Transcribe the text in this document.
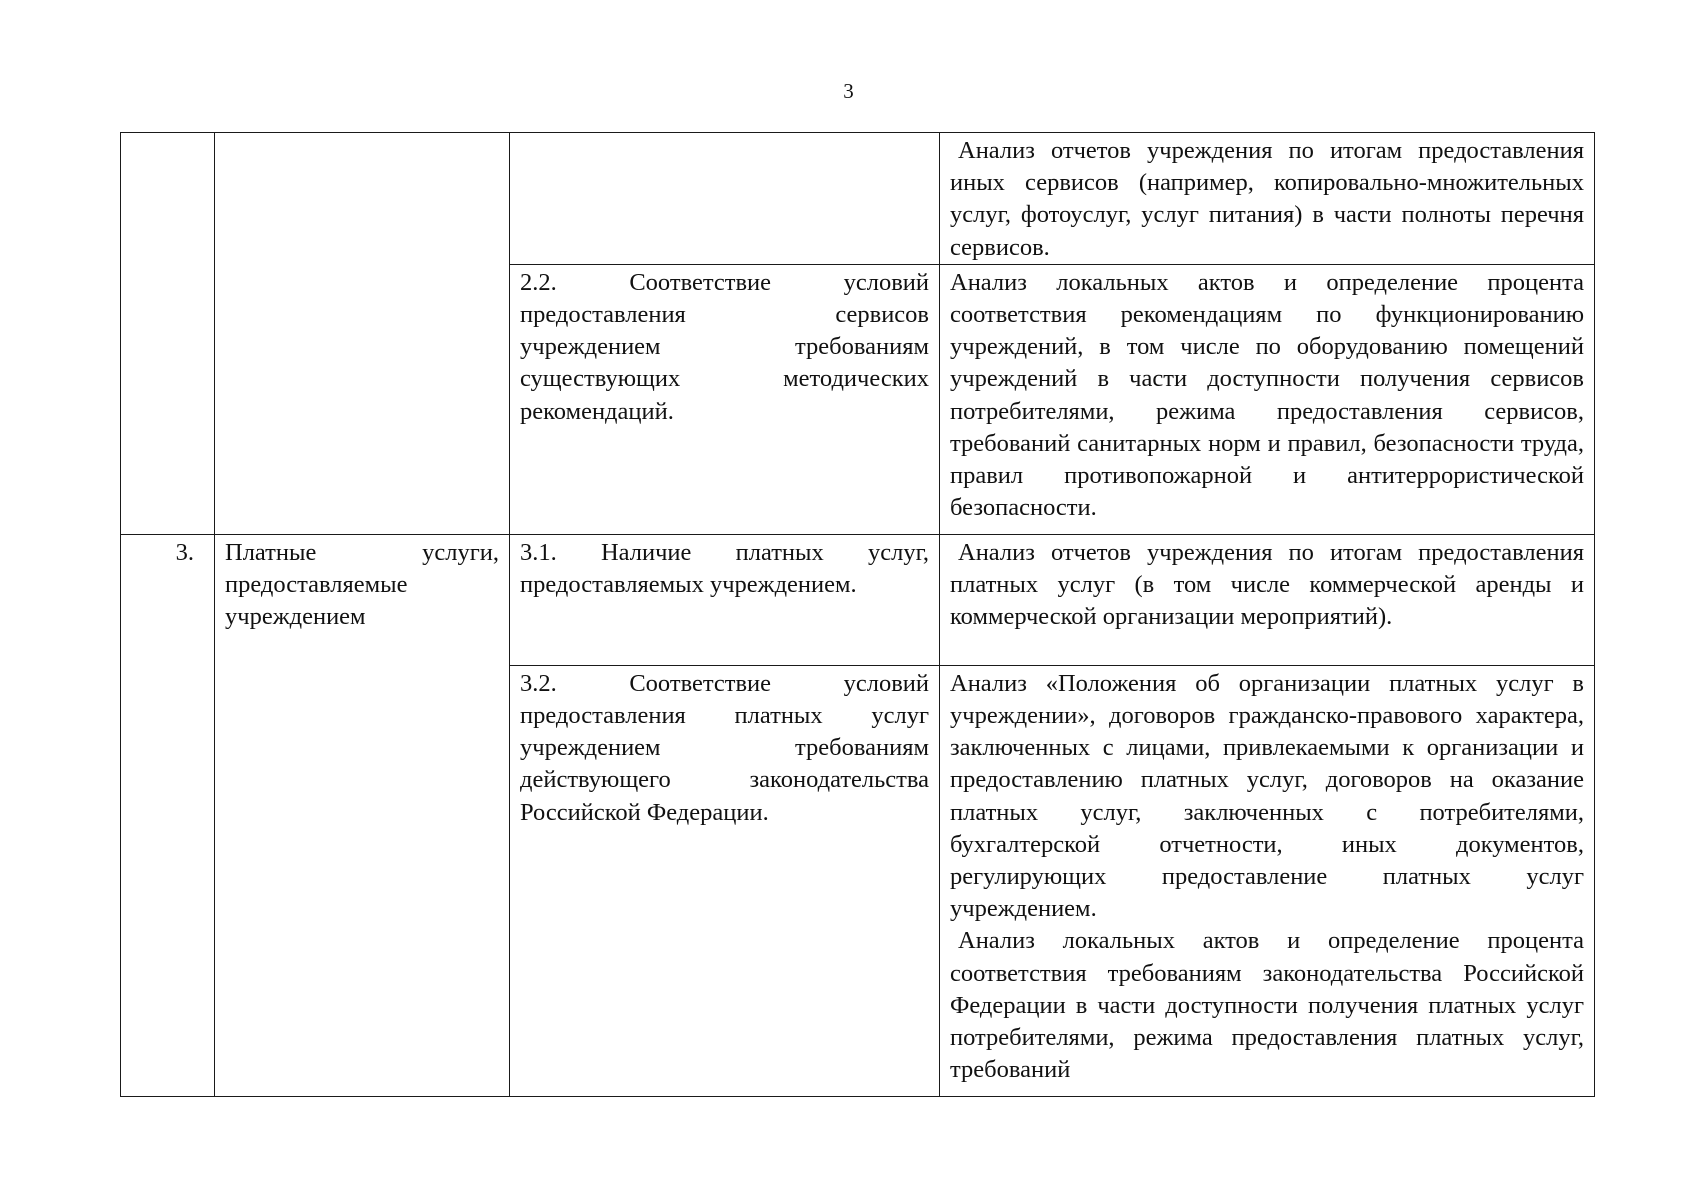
3

			Анализ отчетов учреждения по итогам предоставления иных сервисов (например, копировально-множительных услуг, фотоуслуг, услуг питания) в части полноты перечня сервисов.

		2.2. Соответствие условий предоставления сервисов учреждением требованиям существующих методических рекомендаций.	Анализ локальных актов и определение процента соответствия рекомендациям по функционированию учреждений, в том числе по оборудованию помещений учреждений в части доступности получения сервисов потребителями, режима предоставления сервисов, требований санитарных норм и правил, безопасности труда, правил противопожарной и антитеррористической безопасности.

3.	Платные услуги, предоставляемые учреждением	3.1. Наличие платных услуг, предоставляемых учреждением.	Анализ отчетов учреждения по итогам предоставления платных услуг (в том числе коммерческой аренды и коммерческой организации мероприятий).

		3.2. Соответствие условий предоставления платных услуг учреждением требованиям действующего законодательства Российской Федерации.	Анализ «Положения об организации платных услуг в учреждении», договоров гражданско-правового характера, заключенных с лицами, привлекаемыми к организации и предоставлению платных услуг, договоров на оказание платных услуг, заключенных с потребителями, бухгалтерской отчетности, иных документов, регулирующих предоставление платных услуг учреждением.

Анализ локальных актов и определение процента соответствия требованиям законодательства Российской Федерации в части доступности получения платных услуг потребителями, режима предоставления платных услуг, требований
